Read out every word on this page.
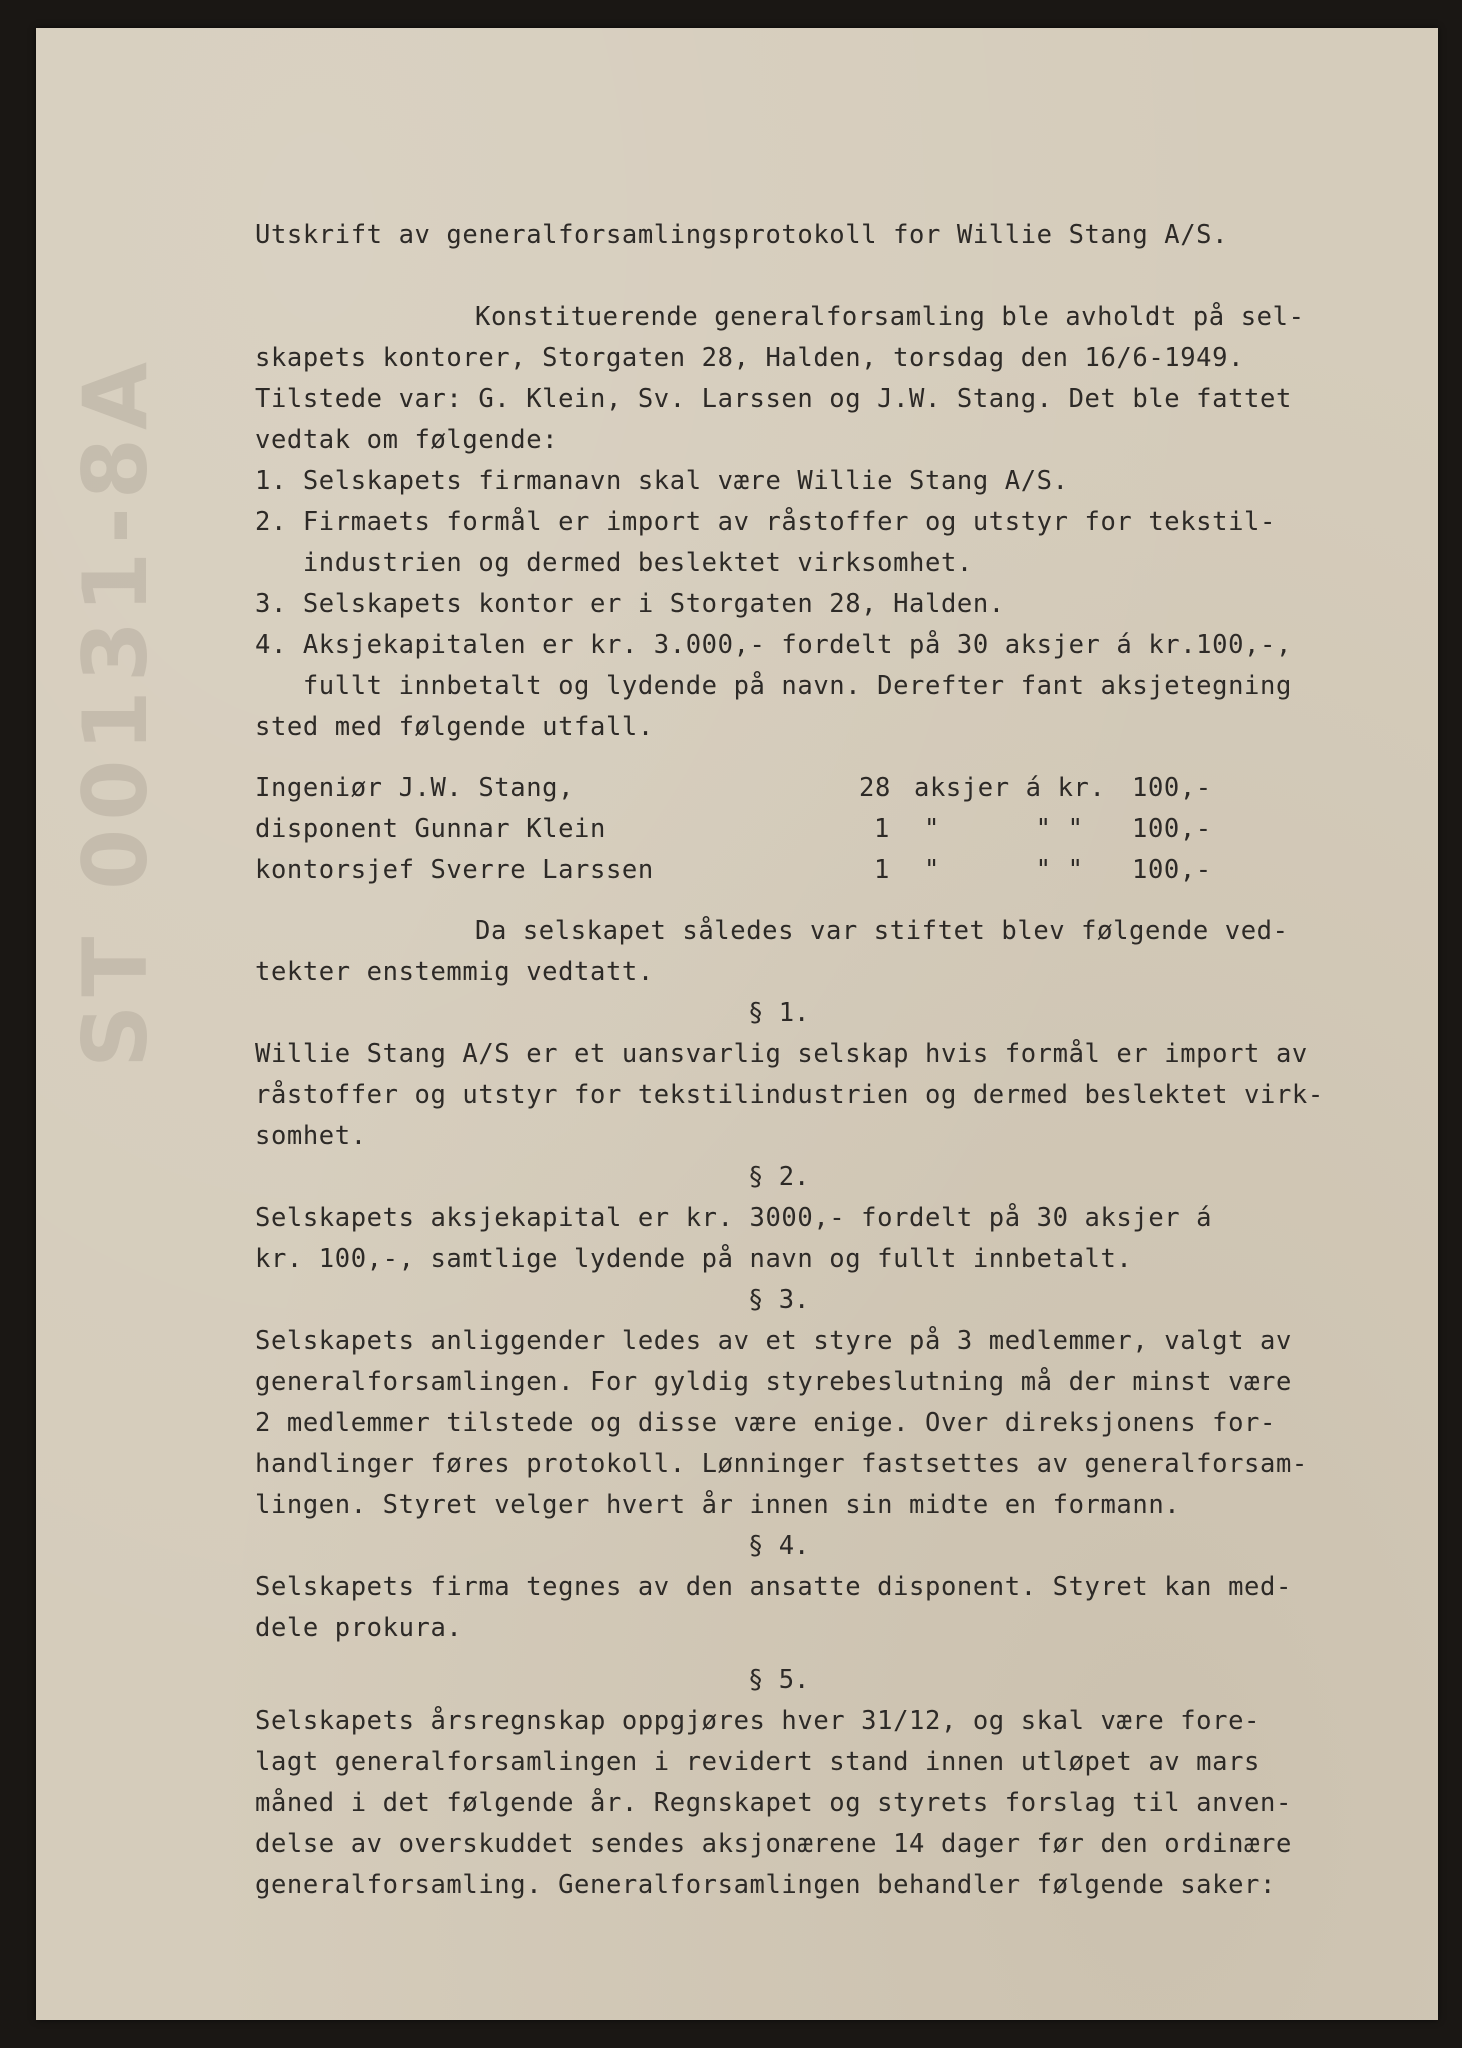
ST 00131-8A
Utskrift av generalforsamlingsprotokoll for Willie Stang A/S.
Konstituerende generalforsamling ble avholdt på sel-
skapets kontorer, Storgaten 28, Halden, torsdag den 16/6-1949.
Tilstede var: G. Klein, Sv. Larssen og J.W. Stang. Det ble fattet
vedtak om følgende:
1. Selskapets firmanavn skal være Willie Stang A/S.
2. Firmaets formål er import av råstoffer og utstyr for tekstil-
industrien og dermed beslektet virksomhet.
3. Selskapets kontor er i Storgaten 28, Halden.
4. Aksjekapitalen er kr. 3.000,- fordelt på 30 aksjer á kr.100,-,
fullt innbetalt og lydende på navn. Derefter fant aksjetegning
sted med følgende utfall.
Ingeniør J.W. Stang,	28 aksjer á kr. 100,-
disponent Gunnar Klein	1 "      " " 100,-
kontorsjef Sverre Larssen	1 "      " " 100,-
Da selskapet således var stiftet blev følgende ved-
tekter enstemmig vedtatt.
§ 1.
Willie Stang A/S er et uansvarlig selskap hvis formål er import av
råstoffer og utstyr for tekstilindustrien og dermed beslektet virk-
somhet.
§ 2.
Selskapets aksjekapital er kr. 3000,- fordelt på 30 aksjer á
kr. 100,-, samtlige lydende på navn og fullt innbetalt.
§ 3.
Selskapets anliggender ledes av et styre på 3 medlemmer, valgt av
generalforsamlingen. For gyldig styrebeslutning må der minst være
2 medlemmer tilstede og disse være enige. Over direksjonens for-
handlinger føres protokoll. Lønninger fastsettes av generalforsam-
lingen. Styret velger hvert år innen sin midte en formann.
§ 4.
Selskapets firma tegnes av den ansatte disponent. Styret kan med-
dele prokura.
§ 5.
Selskapets årsregnskap oppgjøres hver 31/12, og skal være fore-
lagt generalforsamlingen i revidert stand innen utløpet av mars
måned i det følgende år. Regnskapet og styrets forslag til anven-
delse av overskuddet sendes aksjonærene 14 dager før den ordinære
generalforsamling. Generalforsamlingen behandler følgende saker:
